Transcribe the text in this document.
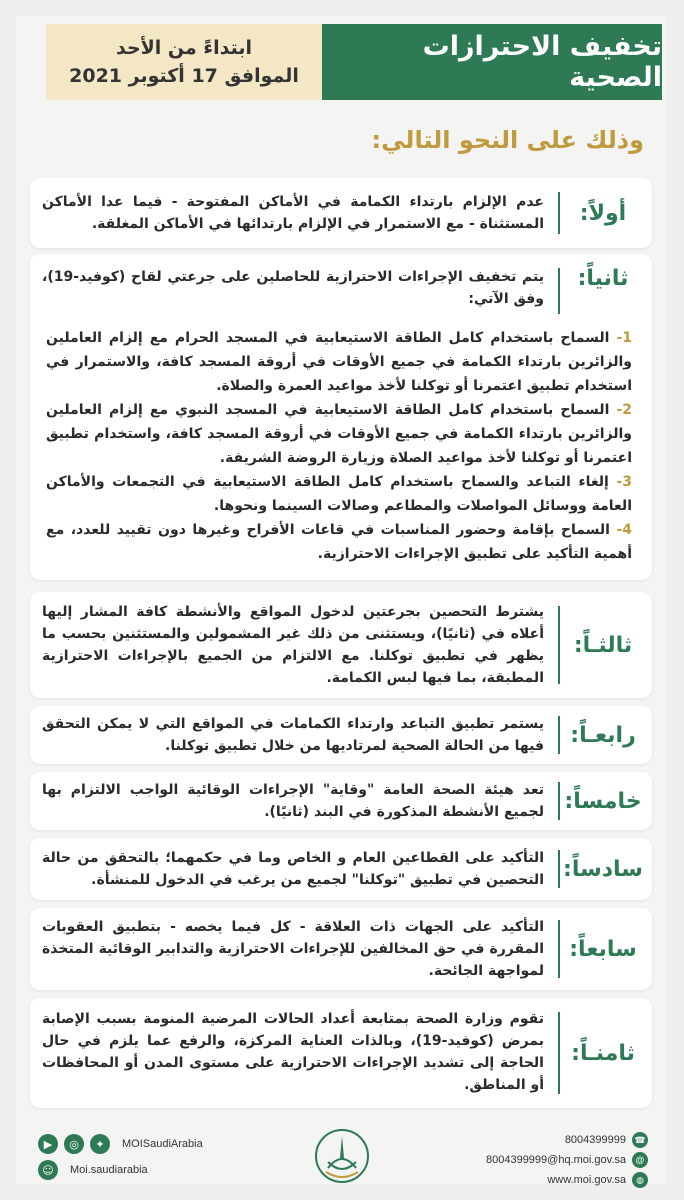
تخفيف الاحترازات الصحية
ابتداءً من الأحد
الموافق 17 أكتوبر 2021
وذلك على النحو التالي:
أولاً:
عدم الإلزام بارتداء الكمامة في الأماكن المفتوحة - فيما عدا الأماكن المستثناة - مع الاستمرار في الإلزام بارتدائها في الأماكن المغلقة.
ثانياً:
يتم تخفيف الإجراءات الاحترازية للحاصلين على جرعتي لقاح (كوفيد-19)، وفق الآتي:
1- السماح باستخدام كامل الطاقة الاستيعابية في المسجد الحرام مع إلزام العاملين والزائرين بارتداء الكمامة في جميع الأوقات في أروقة المسجد كافة، والاستمرار في استخدام تطبيق اعتمرنا أو توكلنا لأخذ مواعيد العمرة والصلاة.
2- السماح باستخدام كامل الطاقة الاستيعابية في المسجد النبوي مع إلزام العاملين والزائرين بارتداء الكمامة في جميع الأوقات في أروقة المسجد كافة، واستخدام تطبيق اعتمرنا أو توكلنا لأخذ مواعيد الصلاة وزيارة الروضة الشريفة.
3- إلغاء التباعد والسماح باستخدام كامل الطاقة الاستيعابية في التجمعات والأماكن العامة ووسائل المواصلات والمطاعم وصالات السينما ونحوها.
4- السماح بإقامة وحضور المناسبات في قاعات الأفراح وغيرها دون تقييد للعدد، مع أهمية التأكيد على تطبيق الإجراءات الاحترازية.
ثالثـاً:
يشترط التحصين بجرعتين لدخول المواقع والأنشطة كافة المشار إليها أعلاه في (ثانيًا)، ويستثنى من ذلك غير المشمولين والمستثنين بحسب ما يظهر في تطبيق توكلنا. مع الالتزام من الجميع بالإجراءات الاحترازية المطبقة، بما فيها لبس الكمامة.
رابعـاً:
يستمر تطبيق التباعد وارتداء الكمامات في المواقع التي لا يمكن التحقق فيها من الحالة الصحية لمرتاديها من خلال تطبيق توكلنا.
خامساً:
تعد هيئة الصحة العامة "وقاية" الإجراءات الوقائية الواجب الالتزام بها لجميع الأنشطة المذكورة في البند (ثانيًا).
سادساً:
التأكيد على القطاعين العام و الخاص وما في حكمهما؛ بالتحقق من حالة التحصين في تطبيق "توكلنا" لجميع من يرغب في الدخول للمنشأة.
سابعاً:
التأكيد على الجهات ذات العلاقة - كل فيما يخصه - بتطبيق العقوبات المقررة في حق المخالفين للإجراءات الاحترازية والتدابير الوقائية المتخذة لمواجهة الجائحة.
ثامنـاً:
تقوم وزارة الصحة بمتابعة أعداد الحالات المرضية المنومة بسبب الإصابة بمرض (كوفيد-19)، وبالذات العناية المركزة، والرفع عما يلزم في حال الحاجة إلى تشديد الإجراءات الاحترازية على مستوى المدن أو المحافظات أو المناطق.
▶	◎	✦	MOISaudiArabia
☺	Moi.saudiarabia
8004399999 ☎
8004399999@hq.moi.gov.sa	@
www.moi.gov.sa	◍
